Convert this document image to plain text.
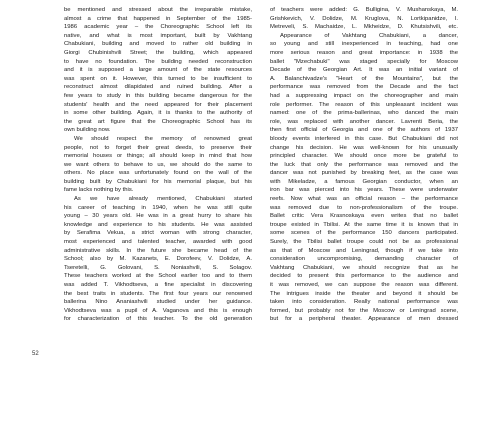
be mentioned and stressed about the irreparable mistake,
almost a crime that happened in September of the 1985-
1986 academic year – the Choreographic School left its
native, and what is most important, built by Vakhtang
Chabukiani, building and moved to rather old building in
Giorgi Chubinishvili Street; the building, which appeared
to have no foundation. The building needed reconstruction
and it is supposed a large amount of the state resources
was spent on it. However, this turned to be insufficient to
reconstruct almost dilapidated and ruined building. After a
few years to study in this building became dangerous for the
students' health and the need appeared for their placement
in some other building. Again, it is thanks to the authority of
the great art figure that the Choreographic School has its
own building now.
We should respect the memory of renowned great
people, not to forget their great deeds, to preserve their
memorial houses or things; all should keep in mind that how
we want others to behave to us, we should do the same to
others. No place was unfortunately found on the wall of the
building built by Chabukiani for his memorial plaque, but his
fame lacks nothing by this.
As we have already mentioned, Chabukiani started
his career of teaching in 1940, when he was still quite
young – 30 years old. He was in a great hurry to share his
knowledge and experience to his students. He was assisted
by Serafima Vekua, a strict woman with strong character,
most experienced and talented teacher, awarded with good
administrative skills. In the future she became head of the
School; also by M. Kazanets, E. Dorofeev, V. Dolidze, A.
Tseretelli, G. Golovani, S. Noniashvili, S. Solagov.
These teachers worked at the School earlier too and to them
was added T. Vikhodtseva, a fine specialist in discovering
the best traits in students. The first four years our renowned
ballerina Nino Ananiashvili studied under her guidance.
Vikhodtseva was a pupil of A. Vaganova and this is enough
for characterization of this teacher. To the old generation
of teachers were added: G. Bulligina, V. Mushanskaya, M.
Grishkevich, V. Dolidze, M. Kruglova, N. Lortkipanidze, I.
Metreveli, S. Machaidze, L. Mkheidze, D. Khutsishvili, etc.
Appearance of Vakhtang Chabukiani, a dancer,
so young and still inexperienced in teaching, had one
more serious reason and great importance: in 1938 the
ballet "Mzechabuki" was staged specially for Moscow
Decade of the Georgian Art. It was an initial variant of
A. Balanchivadze's "Heart of the Mountains", but the
performance was removed from the Decade and the fact
had a suppressing impact on the choreographer and main
role performer. The reason of this unpleasant incident was
named: one of the prima-ballerinas, who danced the main
role, was replaced with another dancer. Lavrenti Beria, the
then first official of Georgia and one of the authors of 1937
bloody events interfered in this case. But Chabukiani did not
change his decision. He was well-known for his unusually
principled character. We should once more be grateful to
the luck that only the performance was removed and the
dancer was not punished by breaking feet, as the case was
with Mikeladze, a famous Georgian conductor, when an
iron bar was pierced into his years. These were underwater
reefs. Now what was an official reason – the performance
was removed due to non-professionalism of the troupe.
Ballet critic Vera Krasnoskaya even writes that no ballet
troupe existed in Tbilisi. At the same time it is known that in
some scenes of the performance 150 dancers participated.
Surely, the Tbilisi ballet troupe could not be as professional
as that of Moscow and Leningrad, though if we take into
consideration uncompromising, demanding character of
Vakhtang Chabukiani, we should recognize that as he
decided to present this performance to the audience and
it was removed, we can suppose the reason was different.
The intrigues inside the theater and beyond it should be
taken into consideration. Really national performance was
formed, but probably not for the Moscow or Leningrad scene,
but for a peripheral theater. Appearance of men dressed
52
